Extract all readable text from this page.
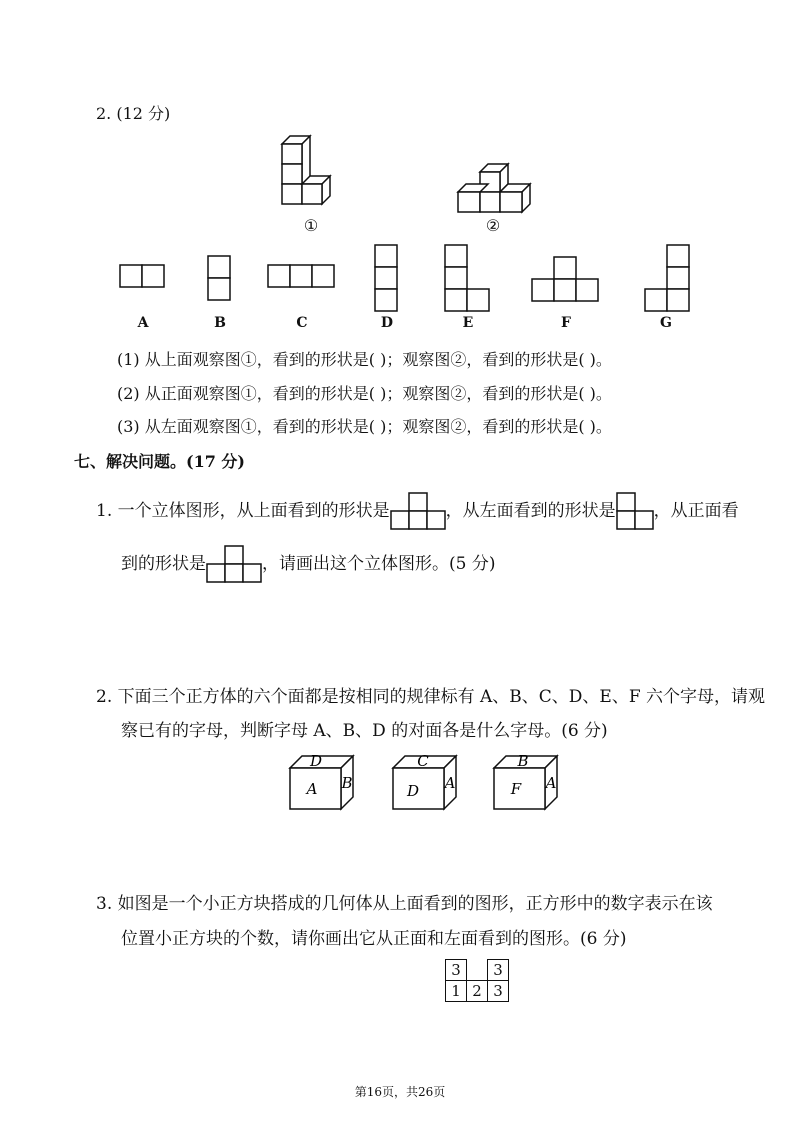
2. (12 分)
①	②
A	B	C	D	E	F	G
(1) 从上面观察图①，看到的形状是( )；观察图②，看到的形状是( )。
(2) 从正面观察图①，看到的形状是( )；观察图②，看到的形状是( )。
(3) 从左面观察图①，看到的形状是( )；观察图②，看到的形状是( )。
七、解决问题。(17 分)
1. 一个立体图形，从上面看到的形状是	，从左面看到的形状是 ，从正面看
到的形状是	，请画出这个立体图形。(5 分)
2. 下面三个正方体的六个面都是按相同的规律标有 A、B、C、D、E、F 六个字母，请观
察已有的字母，判断字母 A、B、D 的对面各是什么字母。(6 分)
D
A B
C
D A
B
F A
3. 如图是一个小正方块搭成的几何体从上面看到的图形，正方形中的数字表示在该
位置小正方块的个数，请你画出它从正面和左面看到的图形。(6 分)
3		3
1	2	3
第16页，共26页
